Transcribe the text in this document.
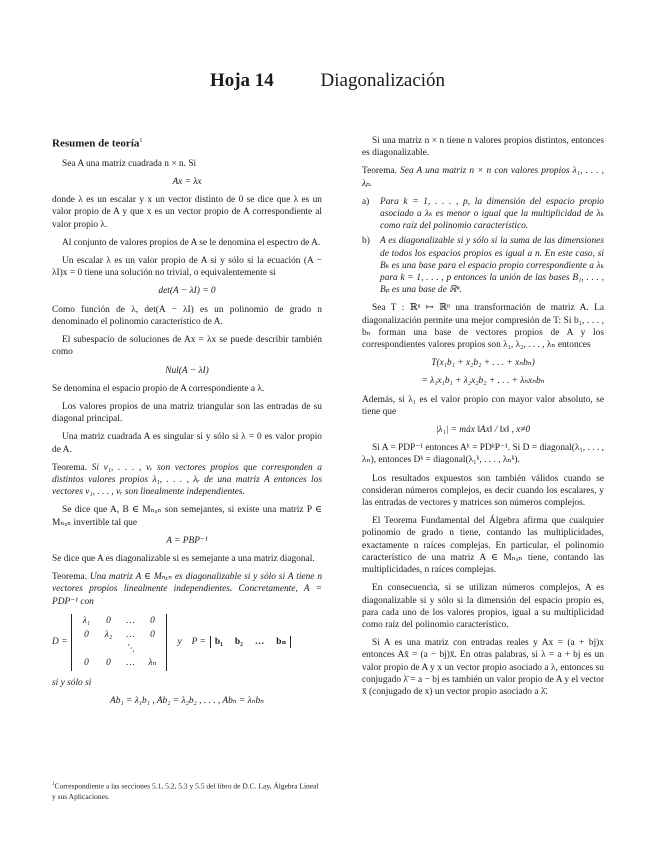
Hoja 14 Diagonalización
Resumen de teoría$^1$

Sea A una matriz cuadrada n × n. Si

Ax = λx

donde λ es un escalar y x un vector distinto de 0 se dice que λ es un valor propio de A y que x es un vector propio de A correspondiente al valor propio λ.

Al conjunto de valores propios de A se le denomina el espectro de A.

Un escalar λ es un valor propio de A si y sólo si la ecuación (A − λI)x = 0 tiene una solución no trivial, o equivalentemente si

det(A − λI) = 0

Como función de λ, det(A − λI) es un polinomio de grado n denominado el polinomio característico de A.

El subespacio de soluciones de Ax = λx se puede describir también como

Nul(A − λI)

Se denomina el espacio propio de A correspondiente a λ.

Los valores propios de una matriz triangular son las entradas de su diagonal principal.

Una matriz cuadrada A es singular si y sólo si λ = 0 es valor propio de A.

Teorema. Si v₁, . . . , vᵣ son vectores propios que corresponden a distintos valores propios λ₁, . . . , λᵣ de una matriz A entonces los vectores v₁, . . . , vᵣ son linealmente independientes.

Se dice que A, B ∈ Mₙₓₙ son semejantes, si existe una matriz P ∈ Mₙₓₙ invertible tal que

A = PBP⁻¹

Se dice que A es diagonalizable si es semejante a una matriz diagonal.

Teorema. Una matriz A ∈ Mₙₓₙ es diagonalizable si y sólo si A tiene n vectores propios linealmente independientes. Concretamente, A = PDP⁻¹ con

D =
λ₁	0	…	0
0	λ₂	…	0
⋱
0	0	…	λₙ
y P = b₁ b₂ … bₙ

si y sólo si

Ab₁ = λ₁b₁ , Ab₂ = λ₂b₂ , . . . , Abₙ = λₙbₙ

Si una matriz n × n tiene n valores propios distintos, entonces es diagonalizable.

Teorema. Sea A una matriz n × n con valores propios λ₁, . . . , λₚ.

a)	Para k = 1, . . . , p, la dimensión del espacio propio asociado a λₖ es menor o igual que la multiplicidad de λₖ como raíz del polinomio característico.
b)	A es diagonalizable si y sólo si la suma de las dimensiones de todos los espacios propios es igual a n. En este caso, si Bₖ es una base para el espacio propio correspondiente a λₖ para k = 1, . . . , p entonces la unión de las bases B₁, . . . , Bₚ es una base de ℝⁿ.

Sea T : ℝⁿ ↦ ℝⁿ una transformación de matriz A. La diagonalización permite una mejor compresión de T: Si b₁, . . . , bₙ forman una base de vectores propios de A y los correspondientes valores propios son λ₁, λ₂, . . . , λₙ entonces

T(x₁b₁ + x₂b₂ + . . . + xₙbₙ)
= λ₁x₁b₁ + λ₂x₂b₂ + . . . + λₙxₙbₙ

Además, si λ₁ es el valor propio con mayor valor absoluto, se tiene que

|λ₁| = máx ‖Ax‖ / ‖x‖ , x≠0

Si A = PDP⁻¹ entonces Aᵏ = PDᵏP⁻¹. Si D = diagonal(λ₁, . . . , λₙ), entonces Dᵏ = diagonal(λ₁ᵏ, . . . , λₙᵏ).

Los resultados expuestos son también válidos cuando se consideran números complejos, es decir cuando los escalares, y las entradas de vectores y matrices son números complejos.

El Teorema Fundamental del Álgebra afirma que cualquier polinomio de grado n tiene, contando las multiplicidades, exactamente n raíces complejas. En particular, el polinomio característico de una matriz A ∈ Mₙₓₙ tiene, contando las multiplicidades, n raíces complejas.

En consecuencia, si se utilizan números complejos, A es diagonalizable si y sólo si la dimensión del espacio propio es, para cada uno de los valores propios, igual a su multiplicidad como raíz del polinomio característico.

Si A es una matriz con entradas reales y Ax = (a + bj)x entonces Ax̄ = (a − bj)x̄. En otras palabras, si λ = a + bj es un valor propio de A y x un vector propio asociado a λ, entonces su conjugado λ̄ = a − bj es también un valor propio de A y el vector x̄ (conjugado de x) un vector propio asociado a λ̄.

$^1$Correspondiente a las secciones 5.1, 5.2, 5.3 y 5.5 del libro de D.C. Lay, Álgebra Lineal y sus Aplicaciones.
